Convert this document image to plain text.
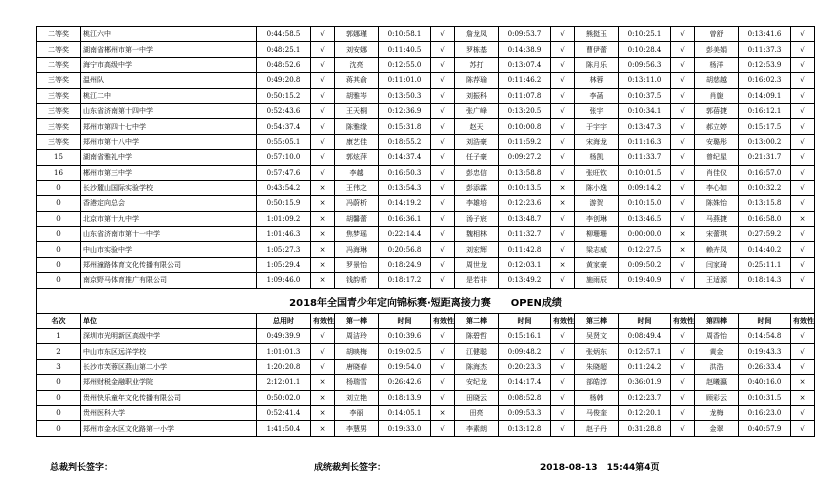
二等奖	桃江六中	0:44:58.5	√	郭娜瑾	0:10:58.1	√	詹龙凤	0:09:53.7	√	熊挺玉	0:10:25.1	√	曾舒	0:13:41.6	√
二等奖	湖南省郴州市第一中学	0:48:25.1	√	刘安娜	0:11:40.5	√	罗栋基	0:14:38.9	√	曹伊蕾	0:10:28.4	√	彭美娟	0:11:37.3	√
二等奖	海宁市高级中学	0:48:52.6	√	沈亮	0:12:55.0	√	苏打	0:13:07.4	√	陈月乐	0:09:56.3	√	杨洋	0:12:53.9	√
三等奖	温州队	0:49:20.8	√	蒋其俞	0:11:01.0	√	陈荐瑜	0:11:46.2	√	林蓉	0:13:11.0	√	胡慈越	0:16:02.3	√
三等奖	桃江二中	0:50:15.2	√	胡雅岑	0:13:50.3	√	刘振科	0:11:07.8	√	李菡	0:10:37.5	√	肖旎	0:14:09.1	√
三等奖	山东省济南第十四中学	0:52:43.6	√	王天桐	0:12:36.9	√	张广峰	0:13:20.5	√	张宇	0:10:34.1	√	郭蓓捷	0:16:12.1	√
三等奖	郑州市第四十七中学	0:54:37.4	√	陈雅缘	0:15:31.8	√	赵天	0:10:00.8	√	于宇宇	0:13:47.3	√	郝立婷	0:15:17.5	√
三等奖	郑州市第十八中学	0:55:05.1	√	康艺佳	0:18:55.2	√	刘浩豪	0:11:59.2	√	宋海龙	0:11:16.3	√	安璐彤	0:13:00.2	√
15	湖南省雅礼中学	0:57:10.0	√	郭炫萍	0:14:37.4	√	任子豪	0:09:27.2	√	杨凯	0:11:33.7	√	曾纪星	0:21:31.7	√
16	郴州市第三中学	0:57:47.6	√	李越	0:16:50.3	√	彭忠信	0:13:58.8	√	张旺钦	0:10:01.5	√	肖佳仪	0:16:57.0	√
0	长沙麓山国际实验学校	0:43:54.2	×	王伟之	0:13:54.3	√	彭添霖	0:10:13.5	×	陈小逸	0:09:14.2	√	李心如	0:10:32.2	√
0	香港定向总会	0:50:15.9	×	冯蔚析	0:14:19.2	√	李雄培	0:12:23.6	×	游贺	0:10:15.0	√	陈姝怡	0:13:15.8	√
0	北京市第十九中学	1:01:09.2	×	胡馨蕾	0:16:36.1	√	汤子宸	0:13:48.7	√	李创琳	0:13:46.5	√	马燕捷	0:16:58.0	×
0	山东省济南市第十一中学	1:01:46.3	×	焦梦瑶	0:22:14.4	√	魏相林	0:11:32.7	√	柳珊珊	0:00:00.0	×	宋蕾琪	0:27:59.2	√
0	中山市实验中学	1:05:27.3	×	冯海琳	0:20:56.8	√	刘宏辉	0:11:42.8	√	梁志威	0:12:27.5	×	赖卉凤	0:14:40.2	√
0	郑州潼路体育文化传播有限公司	1:05:29.4	×	罗景怡	0:18:24.9	√	周世龙	0:12:03.1	×	黄家豪	0:09:50.2	√	闫家琦	0:25:11.1	√
0	南京野马体育推广有限公司	1:09:46.0	×	钱韵希	0:18:17.2	√	是若非	0:13:49.2	√	施雨辰	0:19:40.9	√	王适源	0:18:14.3	√

2018年全国青少年定向锦标赛·短距离接力赛　　OPEN成绩															
名次	单位	总用时	有效性	第一棒	时间	有效性	第二棒	时间	有效性	第三棒	时间	有效性	第四棒	时间	有效性
1	深圳市光明新区高级中学	0:49:39.9	√	周洁玲	0:10:39.6	√	陈碧哲	0:15:16.1	√	吴贤文	0:08:49.4	√	周香怡	0:14:54.8	√
2	中山市东区远洋学校	1:01:01.3	√	胡映梅	0:19:02.5	√	江健聪	0:09:48.2	√	张炳东	0:12:57.1	√	黄金	0:19:43.3	√
3	长沙市芙蓉区燕山第二小学	1:20:20.8	√	唐晓春	0:19:54.0	√	陈海杰	0:20:23.3	√	朱晓超	0:11:24.2	√	洪浩	0:26:33.4	√
0	郑州财税金融职业学院	2:12:01.1	×	杨瑞雪	0:26:42.6	√	安纪龙	0:14:17.4	√	部皓淳	0:36:01.9	√	赵曦瀛	0:40:16.0	×
0	贵州快乐童年文化传播有限公司	0:50:02.0	×	刘立艳	0:18:13.9	√	田晓云	0:08:52.8	√	杨韩	0:12:23.7	√	顾彩云	0:10:31.5	×
0	贵州医科大学	0:52:41.4	×	李丽	0:14:05.1	×	田亮	0:09:53.3	√	马俊奎	0:12:20.1	√	龙梅	0:16:23.0	√
0	郑州市金水区文化路第一小学	1:41:50.4	×	李慧男	0:19:33.0	√	李素朗	0:13:12.8	√	赵子丹	0:31:28.8	√	金翠	0:40:57.9	√
总裁判长签字：	成统裁判长签字：	2018-08-13　15:44第4页
